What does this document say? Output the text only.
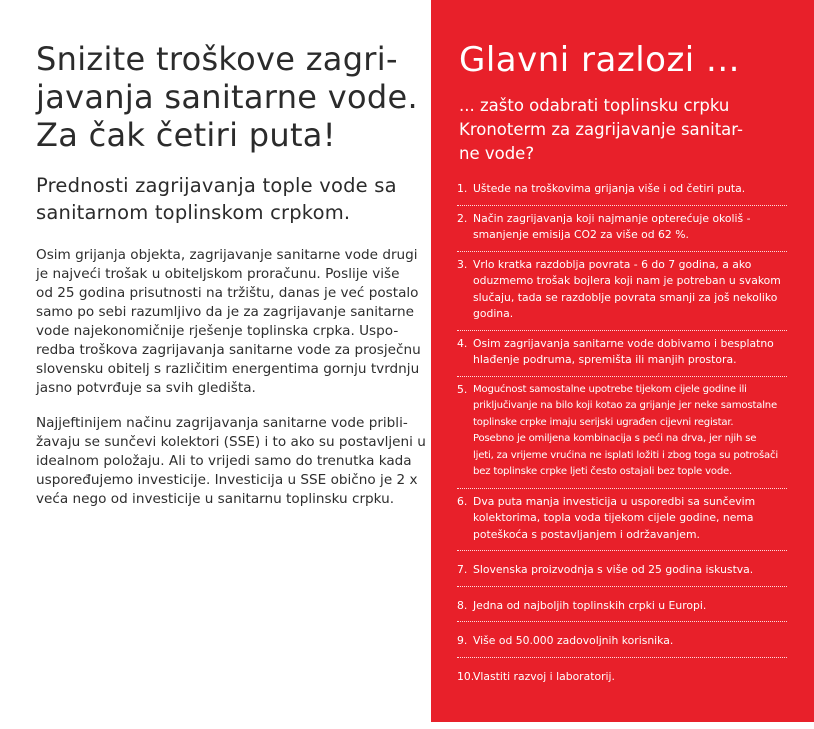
Snizite troškove zagri-
javanja sanitarne vode.
Za čak četiri puta!
Prednosti zagrijavanja tople vode sa
sanitarnom toplinskom crpkom.
Osim grijanja objekta, zagrijavanje sanitarne vode drugi
je najveći trošak u obiteljskom proračunu. Poslije više
od 25 godina prisutnosti na tržištu, danas je već postalo
samo po sebi razumljivo da je za zagrijavanje sanitarne
vode najekonomičnije rješenje toplinska crpka. Uspo-
redba troškova zagrijavanja sanitarne vode za prosječnu
slovensku obitelj s različitim energentima gornju tvrdnju
jasno potvrđuje sa svih gledišta.
Najjeftinijem načinu zagrijavanja sanitarne vode pribli-
žavaju se sunčevi kolektori (SSE) i to ako su postavljeni u
idealnom položaju. Ali to vrijedi samo do trenutka kada
uspoređujemo investicije. Investicija u SSE obično je 2 x
veća nego od investicije u sanitarnu toplinsku crpku.
Glavni razlozi ...
... zašto odabrati toplinsku crpku
Kronoterm za zagrijavanje sanitar-
ne vode?
1. Uštede na troškovima grijanja više i od četiri puta.
2. Način zagrijavanja koji najmanje opterećuje okoliš -
smanjenje emisija CO2 za više od 62 %.
3. Vrlo kratka razdoblja povrata - 6 do 7 godina, a ako
oduzmemo trošak bojlera koji nam je potreban u svakom
slučaju, tada se razdoblje povrata smanji za još nekoliko
godina.
4. Osim zagrijavanja sanitarne vode dobivamo i besplatno
hlađenje podruma, spremišta ili manjih prostora.
5. Mogućnost samostalne upotrebe tijekom cijele godine ili
priključivanje na bilo koji kotao za grijanje jer neke samostalne
toplinske crpke imaju serijski ugrađen cijevni registar.
Posebno je omiljena kombinacija s peći na drva, jer njih se
ljeti, za vrijeme vrućina ne isplati ložiti i zbog toga su potrošači
bez toplinske crpke ljeti često ostajali bez tople vode.
6. Dva puta manja investicija u usporedbi sa sunčevim
kolektorima, topla voda tijekom cijele godine, nema
poteškoća s postavljanjem i održavanjem.
7. Slovenska proizvodnja s više od 25 godina iskustva.
8. Jedna od najboljih toplinskih crpki u Europi.
9. Više od 50.000 zadovoljnih korisnika.
10.
Vlastiti razvoj i laboratorij.
